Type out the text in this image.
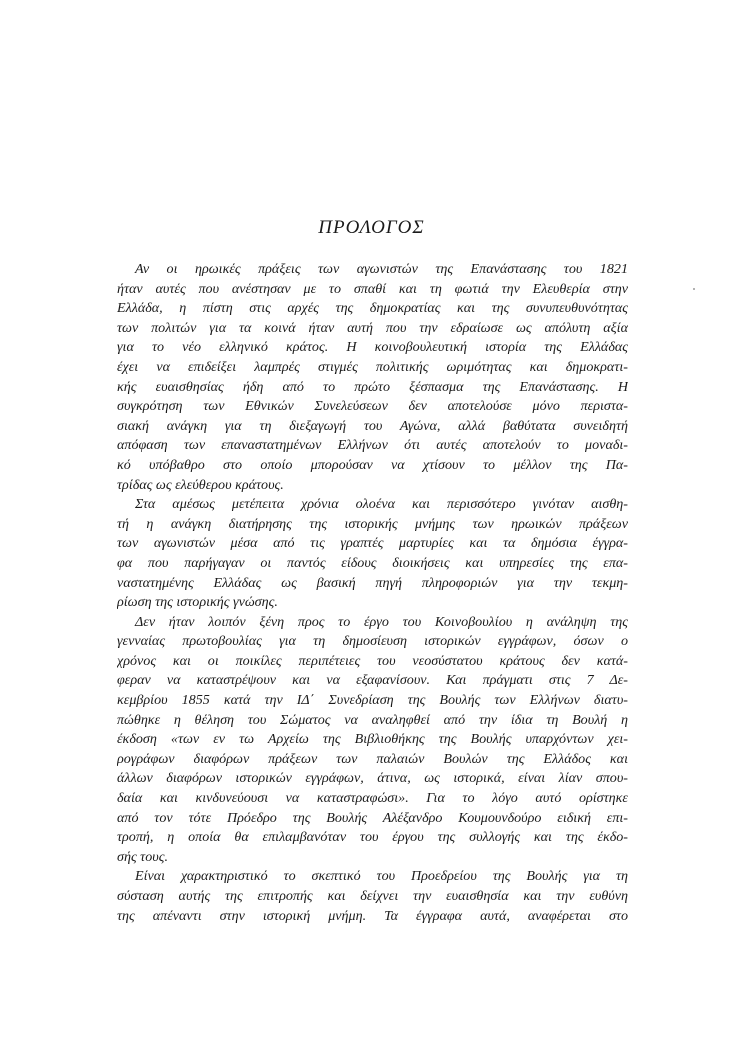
ΠΡΟΛΟΓΟΣ
Αν οι ηρωικές πράξεις των αγωνιστών της Επανάστασης του 1821
ήταν αυτές που ανέστησαν με το σπαθί και τη φωτιά την Ελευθερία στην
Ελλάδα, η πίστη στις αρχές της δημοκρατίας και της συνυπευθυνότητας
των πολιτών για τα κοινά ήταν αυτή που την εδραίωσε ως απόλυτη αξία
για το νέο ελληνικό κράτος. Η κοινοβουλευτική ιστορία της Ελλάδας
έχει να επιδείξει λαμπρές στιγμές πολιτικής ωριμότητας και δημοκρατι-
κής ευαισθησίας ήδη από το πρώτο ξέσπασμα της Επανάστασης. Η
συγκρότηση των Εθνικών Συνελεύσεων δεν αποτελούσε μόνο περιστα-
σιακή ανάγκη για τη διεξαγωγή του Αγώνα, αλλά βαθύτατα συνειδητή
απόφαση των επαναστατημένων Ελλήνων ότι αυτές αποτελούν το μοναδι-
κό υπόβαθρο στο οποίο μπορούσαν να χτίσουν το μέλλον της Πα-
τρίδας ως ελεύθερου κράτους.
Στα αμέσως μετέπειτα χρόνια ολοένα και περισσότερο γινόταν αισθη-
τή η ανάγκη διατήρησης της ιστορικής μνήμης των ηρωικών πράξεων
των αγωνιστών μέσα από τις γραπτές μαρτυρίες και τα δημόσια έγγρα-
φα που παρήγαγαν οι παντός είδους διοικήσεις και υπηρεσίες της επα-
ναστατημένης Ελλάδας ως βασική πηγή πληροφοριών για την τεκμη-
ρίωση της ιστορικής γνώσης.
Δεν ήταν λοιπόν ξένη προς το έργο του Κοινοβουλίου η ανάληψη της
γενναίας πρωτοβουλίας για τη δημοσίευση ιστορικών εγγράφων, όσων ο
χρόνος και οι ποικίλες περιπέτειες του νεοσύστατου κράτους δεν κατά-
φεραν να καταστρέψουν και να εξαφανίσουν. Και πράγματι στις 7 Δε-
κεμβρίου 1855 κατά την ΙΔ΄ Συνεδρίαση της Βουλής των Ελλήνων διατυ-
πώθηκε η θέληση του Σώματος να αναληφθεί από την ίδια τη Βουλή η
έκδοση «των εν τω Αρχείω της Βιβλιοθήκης της Βουλής υπαρχόντων χει-
ρογράφων διαφόρων πράξεων των παλαιών Βουλών της Ελλάδος και
άλλων διαφόρων ιστορικών εγγράφων, άτινα, ως ιστορικά, είναι λίαν σπου-
δαία και κινδυνεύουσι να καταστραφώσι». Για το λόγο αυτό ορίστηκε
από τον τότε Πρόεδρο της Βουλής Αλέξανδρο Κουμουνδούρο ειδική επι-
τροπή, η οποία θα επιλαμβανόταν του έργου της συλλογής και της έκδο-
σής τους.
Είναι χαρακτηριστικό το σκεπτικό του Προεδρείου της Βουλής για τη
σύσταση αυτής της επιτροπής και δείχνει την ευαισθησία και την ευθύνη
της απέναντι στην ιστορική μνήμη. Τα έγγραφα αυτά, αναφέρεται στο
